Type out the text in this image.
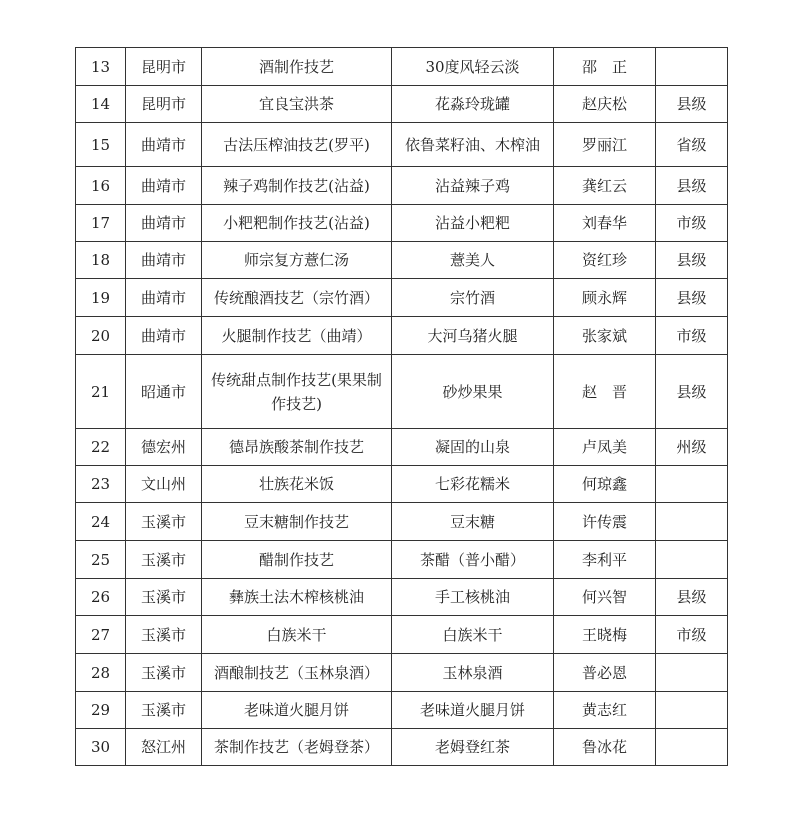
13	昆明市	酒制作技艺	30度风轻云淡	邵　正	
14	昆明市	宜良宝洪茶	花淼玲珑罐	赵庆松	县级
15	曲靖市	古法压榨油技艺(罗平)	依鲁菜籽油、木榨油	罗丽江	省级
16	曲靖市	辣子鸡制作技艺(沾益)	沾益辣子鸡	龚红云	县级
17	曲靖市	小粑粑制作技艺(沾益)	沾益小粑粑	刘春华	市级
18	曲靖市	师宗复方薏仁汤	薏美人	资红珍	县级
19	曲靖市	传统酿酒技艺（宗竹酒）	宗竹酒	顾永辉	县级
20	曲靖市	火腿制作技艺（曲靖）	大河乌猪火腿	张家斌	市级
21	昭通市	传统甜点制作技艺(果果制作技艺)	砂炒果果	赵　晋	县级
22	德宏州	德昂族酸茶制作技艺	凝固的山泉	卢凤美	州级
23	文山州	壮族花米饭	七彩花糯米	何琼鑫	
24	玉溪市	豆末糖制作技艺	豆末糖	许传震	
25	玉溪市	醋制作技艺	茶醋（普小醋）	李利平	
26	玉溪市	彝族土法木榨核桃油	手工核桃油	何兴智	县级
27	玉溪市	白族米干	白族米干	王晓梅	市级
28	玉溪市	酒酿制技艺（玉林泉酒）	玉林泉酒	普必恩	
29	玉溪市	老味道火腿月饼	老味道火腿月饼	黄志红	
30	怒江州	茶制作技艺（老姆登茶）	老姆登红茶	鲁冰花	
